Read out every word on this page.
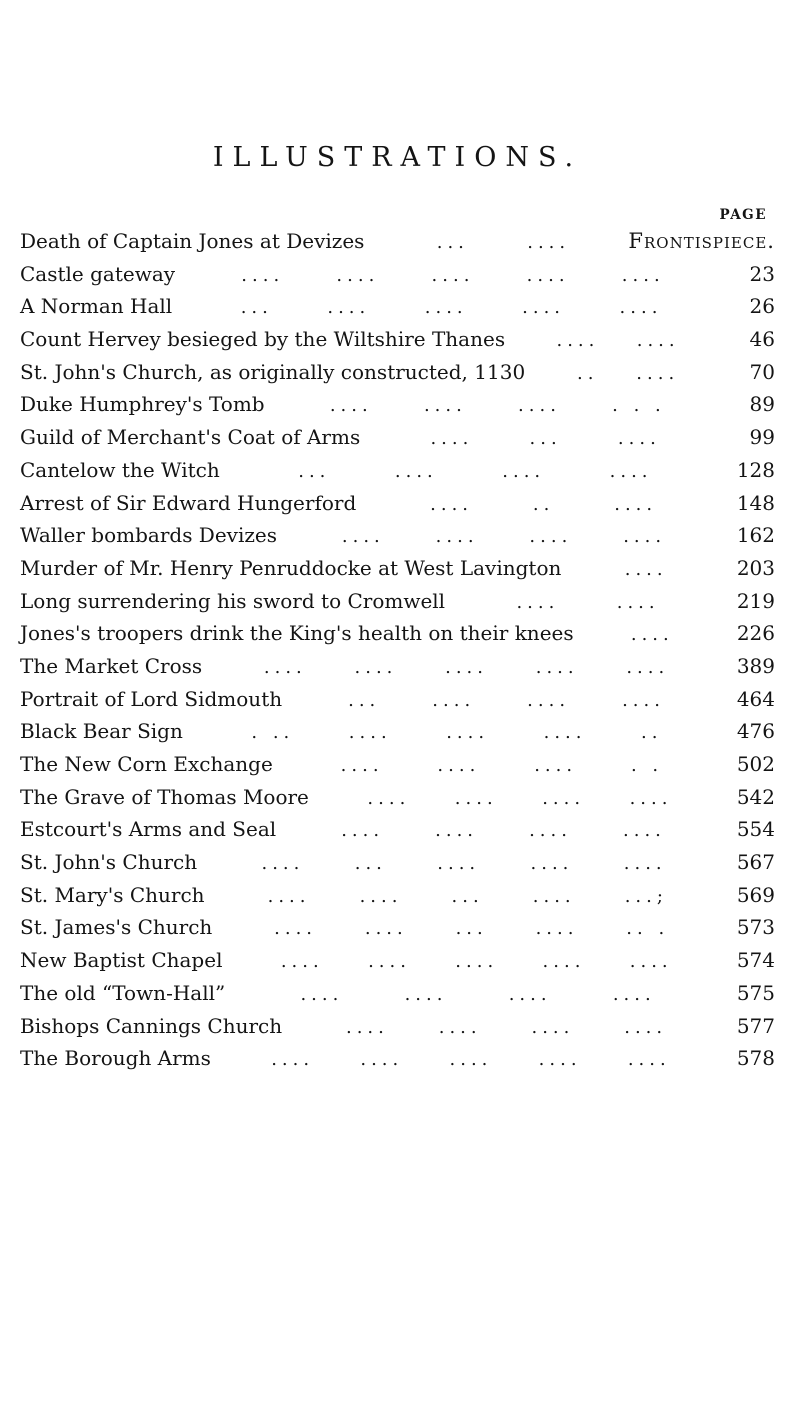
ILLUSTRATIONS.
PAGE
Death of Captain Jones at Devizes	...	....	Frontispiece.
Castle gateway	....	....	....	....	....	23
A Norman Hall	...	....	....	....	....	26
Count Hervey besieged by the Wiltshire Thanes	.... ....	46
St. John's Church, as originally constructed, 1130	.. ....	70
Duke Humphrey's Tomb	....	....	....	. . .	89
Guild of Merchant's Coat of Arms	....	...	....	99
Cantelow the Witch	...	....	....	....	128
Arrest of Sir Edward Hungerford	....	..	....	148
Waller bombards Devizes	....	....	....	....	162
Murder of Mr. Henry Penruddocke at West Lavington	....	203
Long surrendering his sword to Cromwell	....	....	219
Jones's troopers drink the King's health on their knees	....	226
The Market Cross	....	....	....	....	....	389
Portrait of Lord Sidmouth	...	....	....	....	464
Black Bear Sign	. ..	....	....	....	..	476
The New Corn Exchange	....	....	....	. .	502
The Grave of Thomas Moore	.... .... .... ....	542
Estcourt's Arms and Seal	....	....	....	....	554
St. John's Church	....	...	....	....	....	567
St. Mary's Church	....	....	...	....	...;	569
St. James's Church	....	....	...	....	.. .	573
New Baptist Chapel	.... .... .... .... ....	574
The old “Town-Hall”	....	....	....	....	575
Bishops Cannings Church	....	....	....	....	577
The Borough Arms	....	....	....	....	....	578
